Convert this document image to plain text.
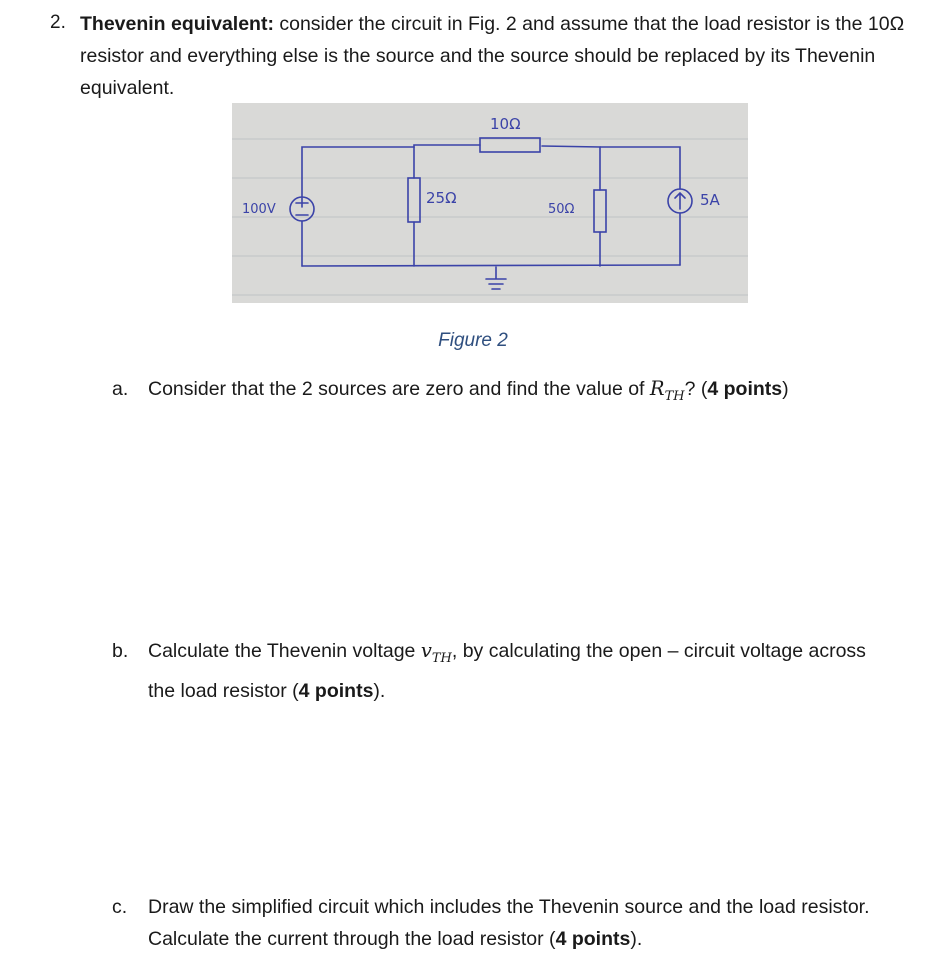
2. Thevenin equivalent: consider the circuit in Fig. 2 and assume that the load resistor is the 10Ω resistor and everything else is the source and the source should be replaced by its Thevenin equivalent.
10Ω
100V
25Ω
50Ω
5A
Figure 2
a. Consider that the 2 sources are zero and find the value of $R_{TH}$? (4 points)
b. Calculate the Thevenin voltage $v_{TH}$, by calculating the open – circuit voltage across the load resistor (4 points).
c. Draw the simplified circuit which includes the Thevenin source and the load resistor. Calculate the current through the load resistor (4 points).
